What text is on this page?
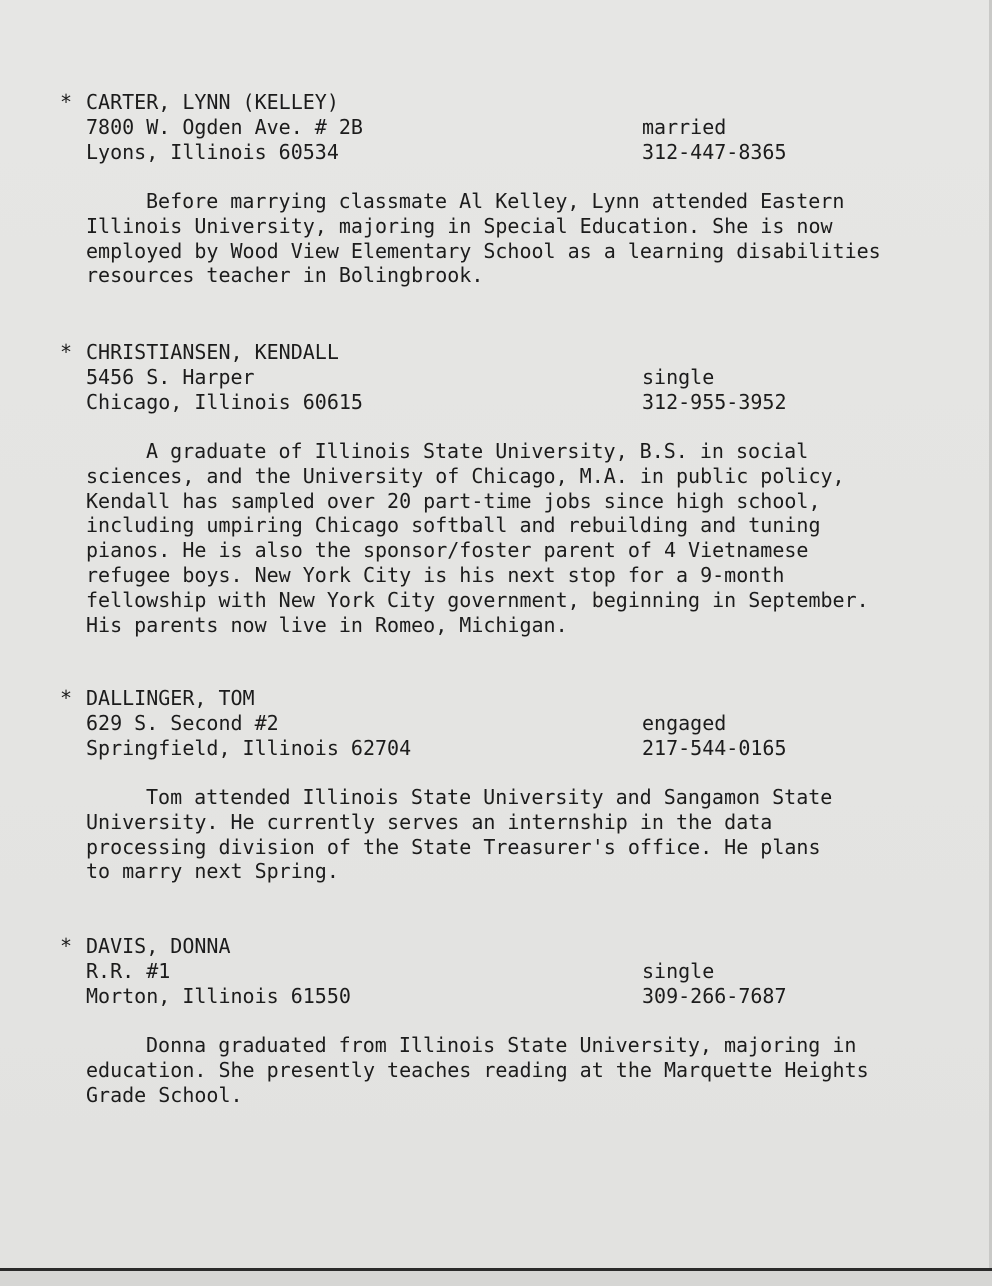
* CARTER, LYNN (KELLEY)
7800 W. Ogden Ave. # 2B
Lyons, Illinois 60534
married
312-447-8365
Before marrying classmate Al Kelley, Lynn attended Eastern
Illinois University, majoring in Special Education. She is now
employed by Wood View Elementary School as a learning disabilities
resources teacher in Bolingbrook.
* CHRISTIANSEN, KENDALL
5456 S. Harper
Chicago, Illinois 60615
single
312-955-3952
A graduate of Illinois State University, B.S. in social
sciences, and the University of Chicago, M.A. in public policy,
Kendall has sampled over 20 part-time jobs since high school,
including umpiring Chicago softball and rebuilding and tuning
pianos. He is also the sponsor/foster parent of 4 Vietnamese
refugee boys. New York City is his next stop for a 9-month
fellowship with New York City government, beginning in September.
His parents now live in Romeo, Michigan.
* DALLINGER, TOM
629 S. Second #2
Springfield, Illinois 62704
engaged
217-544-0165
Tom attended Illinois State University and Sangamon State
University. He currently serves an internship in the data
processing division of the State Treasurer's office. He plans
to marry next Spring.
* DAVIS, DONNA
R.R. #1
Morton, Illinois 61550
single
309-266-7687
Donna graduated from Illinois State University, majoring in
education. She presently teaches reading at the Marquette Heights
Grade School.
